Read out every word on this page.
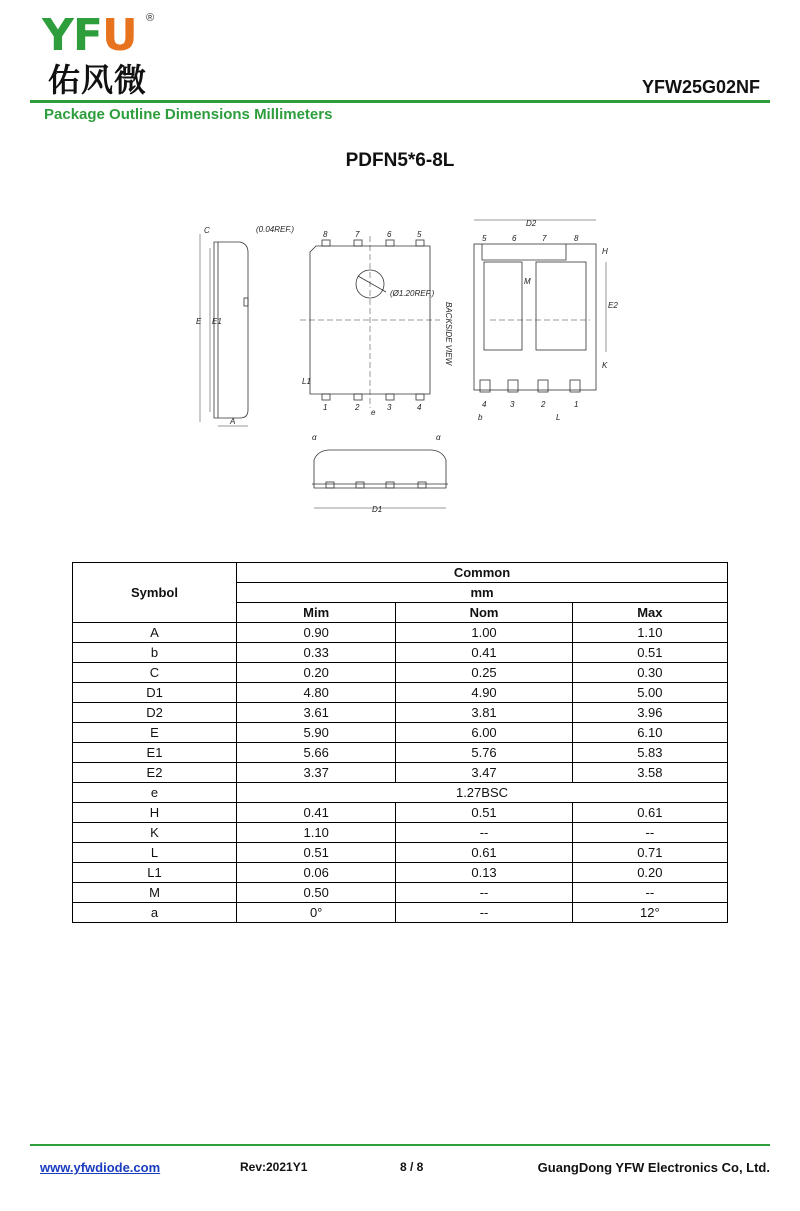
YFU ®
佑风微	YFW25G02NF
Package Outline Dimensions Millimeters
PDFN5*6-8L
C	(0.04REF.)
E E1
A
8	7	6	5
1	2	3	4
(Ø1.20REF.)
e
L1
BACKSIDE VIEW
D2
5	6	7	8
4	3	2	1
H
M
E2
K
b	L
α	α
D1
Symbol	Common		
	mm		
	Mim	Nom	Max
A	0.90	1.00	1.10
b	0.33	0.41	0.51
C	0.20	0.25	0.30
D1	4.80	4.90	5.00
D2	3.61	3.81	3.96
E	5.90	6.00	6.10
E1	5.66	5.76	5.83
E2	3.37	3.47	3.58
e	1.27BSC		
H	0.41	0.51	0.61
K	1.10	--	--
L	0.51	0.61	0.71
L1	0.06	0.13	0.20
M	0.50	--	--
a	0°	--	12°
www.yfwdiode.com	Rev:2021Y1	8 / 8	GuangDong YFW Electronics Co, Ltd.
